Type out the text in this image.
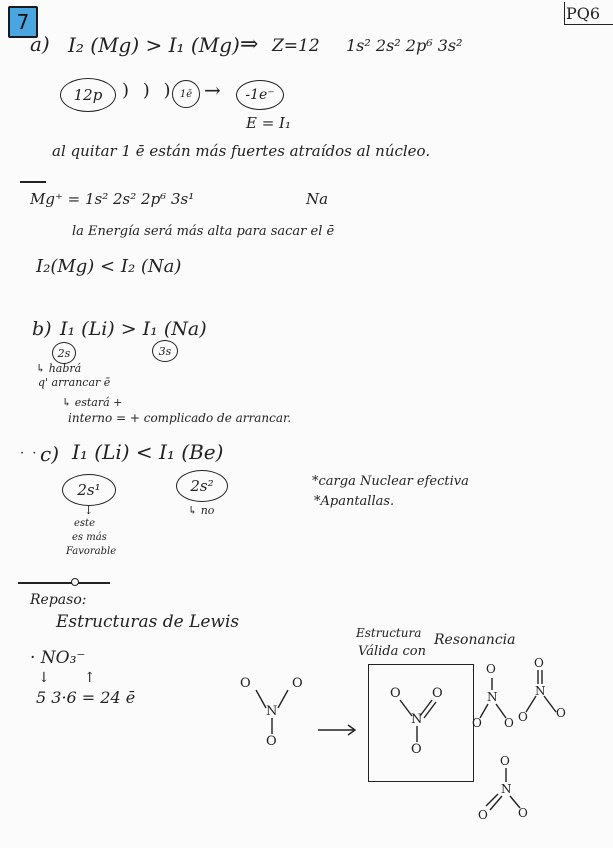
7	PQ6
a) I₂ (Mg) > I₁ (Mg) ⇒ Z=12 1s² 2s² 2p⁶ 3s²
12p ) ) ) 1ē → -1e⁻
E = I₁
al quitar 1 ē están más fuertes atraídos al núcleo.
Mg⁺ = 1s² 2s² 2p⁶ 3s¹	Na
la Energía será más alta para sacar el ē
I₂(Mg) < I₂ (Na)
b) I₁ (Li) > I₁ (Na)
2s	3s
↳ habrá
q' arrancar ē
↳ estará +
interno = + complicado de arrancar.
· · c) I₁ (Li) < I₁ (Be)
2s¹	2s²
↓
este
es más
Favorable
↳ no
*carga Nuclear efectiva
*Apantallas.
Repaso:
Estructuras de Lewis
· NO₃⁻
↓↑
5 3·6 = 24 ē
Estructura
Válida con
Resonancia
O	O
N
O
O O
N
O
O
N
O O
O
N
O O
O
N
O	O
